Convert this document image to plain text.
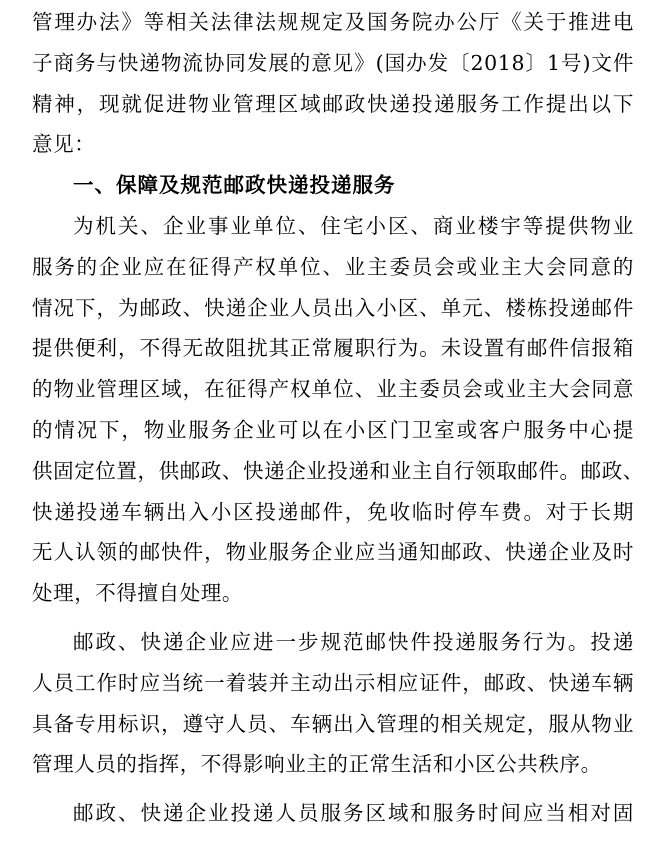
管理办法》等相关法律法规规定及国务院办公厅《关于推进电
子商务与快递物流协同发展的意见》(国办发〔2018〕1号)文件
精神，现就促进物业管理区域邮政快递投递服务工作提出以下
意见：
一、保障及规范邮政快递投递服务
为机关、企业事业单位、住宅小区、商业楼宇等提供物业
服务的企业应在征得产权单位、业主委员会或业主大会同意的
情况下，为邮政、快递企业人员出入小区、单元、楼栋投递邮件
提供便利，不得无故阻扰其正常履职行为。未设置有邮件信报箱
的物业管理区域，在征得产权单位、业主委员会或业主大会同意
的情况下，物业服务企业可以在小区门卫室或客户服务中心提
供固定位置，供邮政、快递企业投递和业主自行领取邮件。邮政、
快递投递车辆出入小区投递邮件，免收临时停车费。对于长期
无人认领的邮快件，物业服务企业应当通知邮政、快递企业及时
处理，不得擅自处理。
邮政、快递企业应进一步规范邮快件投递服务行为。投递
人员工作时应当统一着装并主动出示相应证件，邮政、快递车辆
具备专用标识，遵守人员、车辆出入管理的相关规定，服从物业
管理人员的指挥，不得影响业主的正常生活和小区公共秩序。
邮政、快递企业投递人员服务区域和服务时间应当相对固
